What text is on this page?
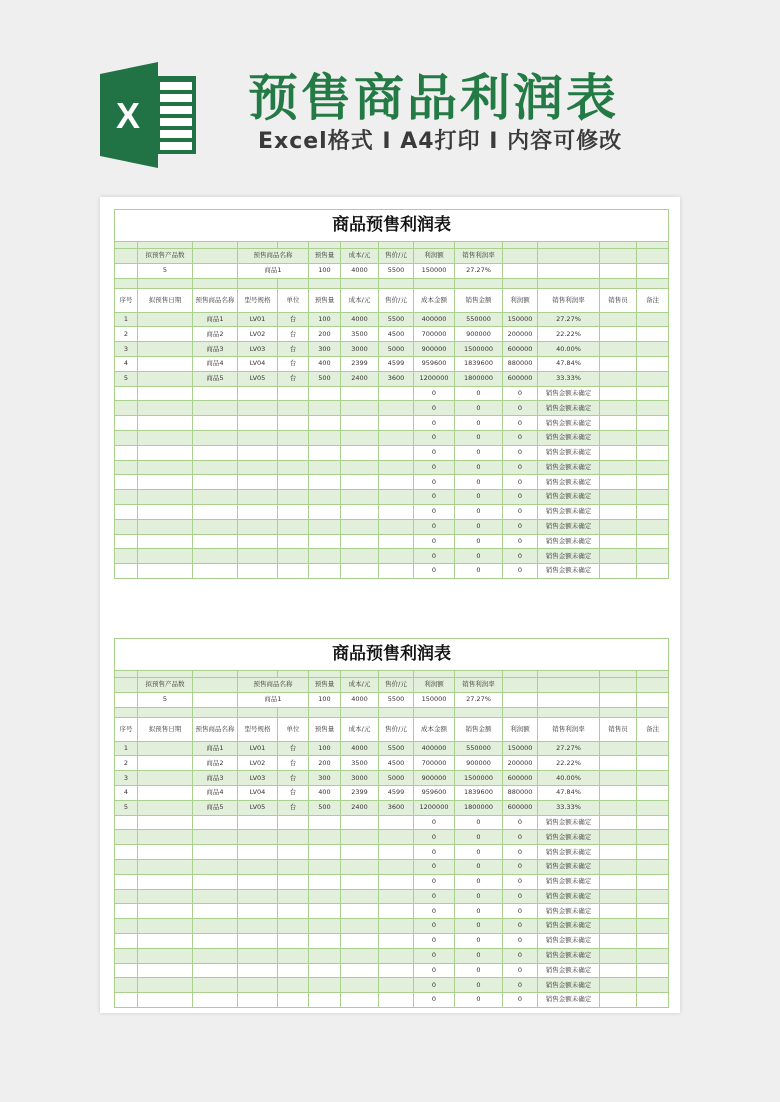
X 预售商品利润表
Excel格式 I A4打印 I 内容可修改
商品预售利润表													

	拟预售产品数		预售商品名称		预售量	成本/元	售价/元	利润额	销售利润率				
	5		商品1		100	4000	5500	150000	27.27%				

序号	拟预售日期	预售商品名称	型号规格	单位	预售量	成本/元	售价/元	成本金额	销售金额	利润额	销售利润率	销售员	备注
1		商品1	LV01	台	100	4000	5500	400000	550000	150000	27.27%		
2		商品2	LV02	台	200	3500	4500	700000	900000	200000	22.22%		
3		商品3	LV03	台	300	3000	5000	900000	1500000	600000	40.00%		
4		商品4	LV04	台	400	2399	4599	959600	1839600	880000	47.84%		
5		商品5	LV05	台	500	2400	3600	1200000	1800000	600000	33.33%		
								0	0	0	销售金额未确定		
								0	0	0	销售金额未确定		
								0	0	0	销售金额未确定		
								0	0	0	销售金额未确定		
								0	0	0	销售金额未确定		
								0	0	0	销售金额未确定		
								0	0	0	销售金额未确定		
								0	0	0	销售金额未确定		
								0	0	0	销售金额未确定		
								0	0	0	销售金额未确定		
								0	0	0	销售金额未确定		
								0	0	0	销售金额未确定		
								0	0	0	销售金额未确定		
商品预售利润表													

	拟预售产品数		预售商品名称		预售量	成本/元	售价/元	利润额	销售利润率				
	5		商品1		100	4000	5500	150000	27.27%				

序号	拟预售日期	预售商品名称	型号规格	单位	预售量	成本/元	售价/元	成本金额	销售金额	利润额	销售利润率	销售员	备注
1		商品1	LV01	台	100	4000	5500	400000	550000	150000	27.27%		
2		商品2	LV02	台	200	3500	4500	700000	900000	200000	22.22%		
3		商品3	LV03	台	300	3000	5000	900000	1500000	600000	40.00%		
4		商品4	LV04	台	400	2399	4599	959600	1839600	880000	47.84%		
5		商品5	LV05	台	500	2400	3600	1200000	1800000	600000	33.33%		
								0	0	0	销售金额未确定		
								0	0	0	销售金额未确定		
								0	0	0	销售金额未确定		
								0	0	0	销售金额未确定		
								0	0	0	销售金额未确定		
								0	0	0	销售金额未确定		
								0	0	0	销售金额未确定		
								0	0	0	销售金额未确定		
								0	0	0	销售金额未确定		
								0	0	0	销售金额未确定		
								0	0	0	销售金额未确定		
								0	0	0	销售金额未确定		
								0	0	0	销售金额未确定		
